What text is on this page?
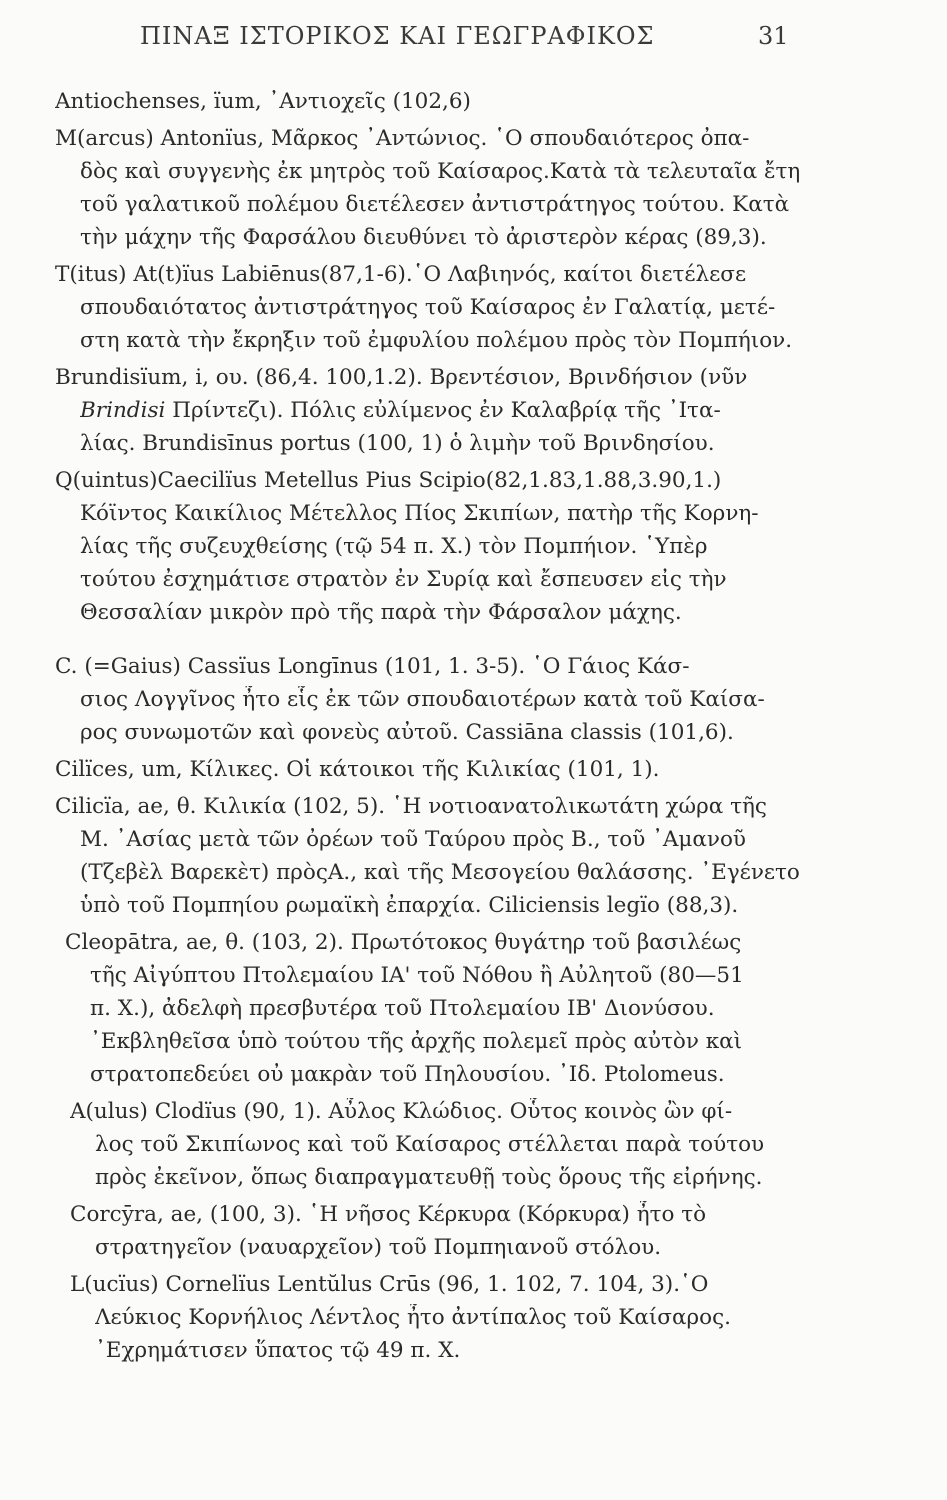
ΠΙΝΑΞ ΙΣΤΟΡΙΚΟΣ ΚΑΙ ΓΕΩΓΡΑΦΙΚΟΣ	31
Antiochenses, ïum, ᾿Αντιοχεῖς (102,6)
M(arcus) Antonïus, Μᾶρκος ᾿Αντώνιος. ῾Ο σπουδαιότερος ὀπα-
δὸς καὶ συγγενὴς ἐκ μητρὸς τοῦ Καίσαρος.Κατὰ τὰ τελευταῖα ἔτη
τοῦ γαλατικοῦ πολέμου διετέλεσεν ἀντιστράτηγος τούτου. Κατὰ
τὴν μάχην τῆς Φαρσάλου διευθύνει τὸ ἀριστερὸν κέρας (89,3).
T(itus) At(t)ïus Labiēnus(87,1-6).῾Ο Λαβιηνός, καίτοι διετέλεσε
σπουδαιότατος ἀντιστράτηγος τοῦ Καίσαρος ἐν Γαλατίᾳ, μετέ-
στη κατὰ τὴν ἔκρηξιν τοῦ ἐμφυλίου πολέμου πρὸς τὸν Πομπήιον.
Brundisïum, i, oυ. (86,4. 100,1.2). Βρεντέσιον, Βρινδήσιον (νῦν
Brindisi Πρίντεζι). Πόλις εὐλίμενος ἐν Καλαβρίᾳ τῆς ᾿Ιτα-
λίας. Brundisīnus portus (100, 1) ὁ λιμὴν τοῦ Βρινδησίου.
Q(uintus)Caecilïus Metellus Pius Scipio(82,1.83,1.88,3.90,1.)
Κόϊντος Καικίλιος Μέτελλος Πίος Σκιπίων, πατὴρ τῆς Κορνη-
λίας τῆς συζευχθείσης (τῷ 54 π. X.) τὸν Πομπήιον. ῾Υπὲρ
τούτου ἐσχημάτισε στρατὸν ἐν Συρίᾳ καὶ ἔσπευσεν εἰς τὴν
Θεσσαλίαν μικρὸν πρὸ τῆς παρὰ τὴν Φάρσαλον μάχης.
C. (=Gaius) Cassïus Longīnus (101, 1. 3-5). ῾Ο Γάιος Κάσ-
σιος Λογγῖνος ἦτο εἷς ἐκ τῶν σπουδαιοτέρων κατὰ τοῦ Καίσα-
ρος συνωμοτῶν καὶ φονεὺς αὐτοῦ. Cassiāna classis (101,6).
Cilïces, um, Κίλικες. Οἱ κάτοικοι τῆς Κιλικίας (101, 1).
Cilicïa, ae, θ. Κιλικία (102, 5). ῾Η νοτιοανατολικωτάτη χώρα τῆς
M. ᾿Ασίας μετὰ τῶν ὀρέων τοῦ Ταύρου πρὸς Β., τοῦ ᾿Αμανοῦ
(Τζεβὲλ Βαρεκὲτ) πρὸςΑ., καὶ τῆς Μεσογείου θαλάσσης. ᾿Εγένετο
ὑπὸ τοῦ Πομπηίου ρωμαϊκὴ ἐπαρχία. Ciliciensis legïo (88,3).
Cleopātra, ae, θ. (103, 2). Πρωτότοκος θυγάτηρ τοῦ βασιλέως
τῆς Αἰγύπτου Πτολεμαίου ΙΑ' τοῦ Νόθου ἢ Αὐλητοῦ (80—51
π. X.), ἀδελφὴ πρεσβυτέρα τοῦ Πτολεμαίου ΙΒ' Διονύσου.
᾿Εκβληθεῖσα ὑπὸ τούτου τῆς ἀρχῆς πολεμεῖ πρὸς αὐτὸν καὶ
στρατοπεδεύει οὐ μακρὰν τοῦ Πηλουσίου. ᾿Ιδ. Ptolomeus.
A(ulus) Clodïus (90, 1). Αὖλος Κλώδιος. Οὗτος κοινὸς ὢν φί-
λος τοῦ Σκιπίωνος καὶ τοῦ Καίσαρος στέλλεται παρὰ τούτου
πρὸς ἐκεῖνον, ὅπως διαπραγματευθῇ τοὺς ὅρους τῆς εἰρήνης.
Corcȳra, ae, (100, 3). ῾Η νῆσος Κέρκυρα (Κόρκυρα) ἦτο τὸ
στρατηγεῖον (ναυαρχεῖον) τοῦ Πομπηιανοῦ στόλου.
L(ucïus) Cornelïus Lentŭlus Crūs (96, 1. 102, 7. 104, 3).῾Ο
Λεύκιος Κορνήλιος Λέντλος ἦτο ἀντίπαλος τοῦ Καίσαρος.
᾿Εχρημάτισεν ὕπατος τῷ 49 π. X.
